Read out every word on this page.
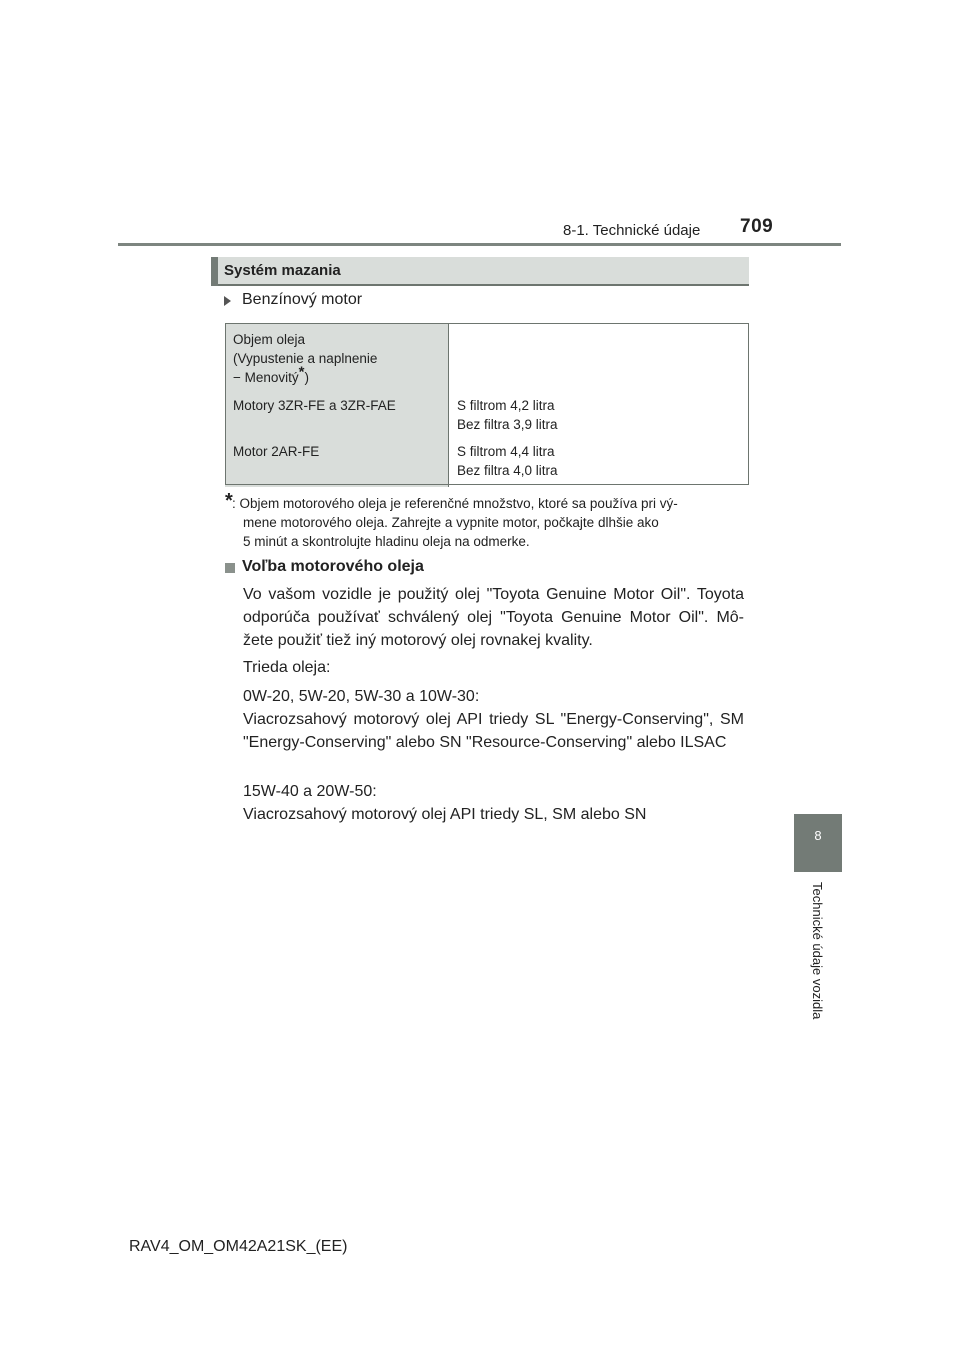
8-1. Technické údaje 709
8
Technické údaje vozidla
Systém mazania
Benzínový motor
Objem oleja
(Vypustenie a naplnenie
− Menovitý*)	
Motory 3ZR-FE a 3ZR-FAE	S filtrom 4,2 litra
Bez filtra 3,9 litra
Motor 2AR-FE	S filtrom 4,4 litra
Bez filtra 4,0 litra
* : Objem motorového oleja je referenčné množstvo, ktoré sa používa pri vý-
mene motorového oleja. Zahrejte a vypnite motor, počkajte dlhšie ako
5 minút a skontrolujte hladinu oleja na odmerke.
Voľba motorového oleja
Vo vašom vozidle je použitý olej "Toyota Genuine Motor Oil". Toyota odporúča používať schválený olej "Toyota Genuine Motor Oil". Mô- žete použiť tiež iný motorový olej rovnakej kvality.
Trieda oleja:
0W-20, 5W-20, 5W-30 a 10W-30:
Viacrozsahový motorový olej API triedy SL "Energy-Conserving", SM "Energy-Conserving" alebo SN "Resource-Conserving" alebo ILSAC
15W-40 a 20W-50:
Viacrozsahový motorový olej API triedy SL, SM alebo SN
RAV4_OM_OM42A21SK_(EE)
